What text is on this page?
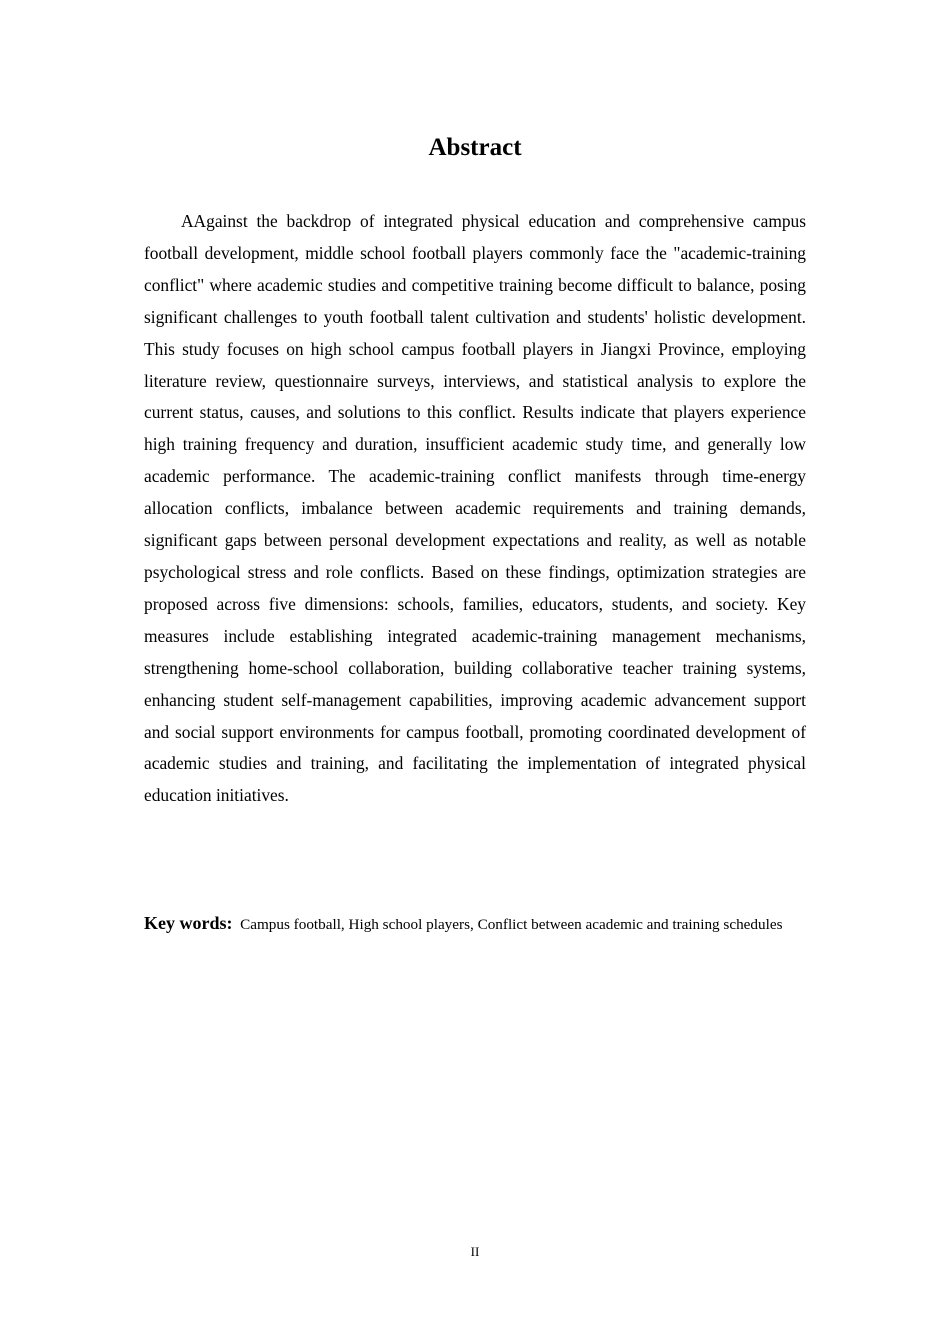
Abstract

AAgainst the backdrop of integrated physical education and comprehensive campus football development, middle school football players commonly face the "academic-training conflict" where academic studies and competitive training become difficult to balance, posing significant challenges to youth football talent cultivation and students' holistic development. This study focuses on high school campus football players in Jiangxi Province, employing literature review, questionnaire surveys, interviews, and statistical analysis to explore the current status, causes, and solutions to this conflict. Results indicate that players experience high training frequency and duration, insufficient academic study time, and generally low academic performance. The academic-training conflict manifests through time-energy allocation conflicts, imbalance between academic requirements and training demands, significant gaps between personal development expectations and reality, as well as notable psychological stress and role conflicts. Based on these findings, optimization strategies are proposed across five dimensions: schools, families, educators, students, and society. Key measures include establishing integrated academic-training management mechanisms, strengthening home-school collaboration, building collaborative teacher training systems, enhancing student self-management capabilities, improving academic advancement support and social support environments for campus football, promoting coordinated development of academic studies and training, and facilitating the implementation of integrated physical education initiatives.

Key words: Campus football, High school players, Conflict between academic and training schedules

II
